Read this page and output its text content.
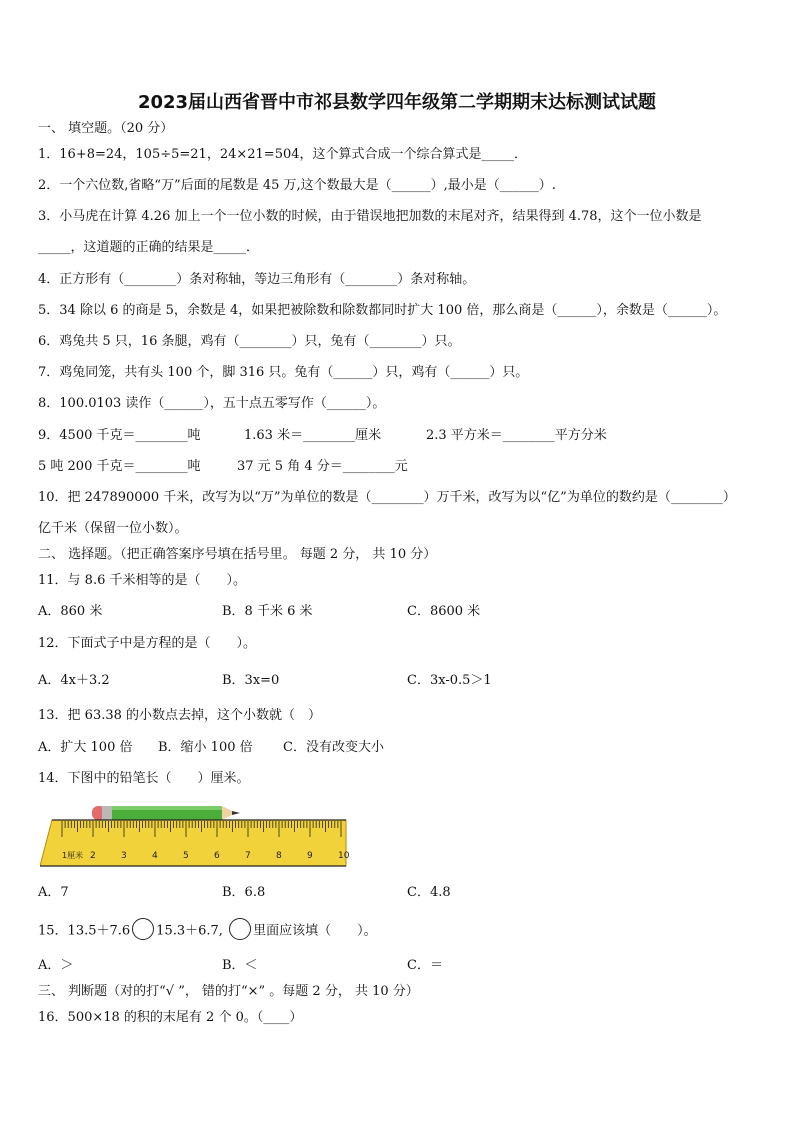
2023届山西省晋中市祁县数学四年级第二学期期末达标测试试题
一、 填空题。（20 分）
1．16+8=24，105÷5=21，24×21=504，这个算式合成一个综合算式是_____．
2．一个六位数,省略“万”后面的尾数是 45 万,这个数最大是（______）,最小是（______）.
3．小马虎在计算 4.26 加上一个一位小数的时候，由于错误地把加数的末尾对齐，结果得到 4.78，这个一位小数是
_____，这道题的正确的结果是_____．
4．正方形有（________）条对称轴，等边三角形有（________）条对称轴。
5．34 除以 6 的商是 5，余数是 4，如果把被除数和除数都同时扩大 100 倍，那么商是（______），余数是（______）。
6．鸡兔共 5 只，16 条腿，鸡有（________）只，兔有（________）只。
7．鸡兔同笼，共有头 100 个，脚 316 只。兔有（______）只，鸡有（______）只。
8．100.0103 读作（______），五十点五零写作（______）。
9．4500 千克＝________吨	1.63 米＝________厘米	2.3 平方米＝________平方分米
5 吨 200 千克＝________吨	37 元 5 角 4 分＝________元
10．把 247890000 千米，改写为以“万”为单位的数是（________）万千米，改写为以“亿”为单位的数约是（________）
亿千米（保留一位小数）。
二、 选择题。（把正确答案序号填在括号里。 每题 2 分， 共 10 分）
11．与 8.6 千米相等的是（　　）。
A．860 米	B．8 千米 6 米	C．8600 米
12．下面式子中是方程的是（　　）。
A．4x＋3.2	B．3x=0	C．3x-0.5＞1
13．把 63.38 的小数点去掉，这个小数就（　）
A．扩大 100 倍 B．缩小 100 倍 C．没有改变大小
14．下图中的铅笔长（　　）厘米。
1厘米 2	3	4	5	6	7	8	9	10
A．7	B．6.8	C．4.8
15．13.5＋7.6 15.3＋6.7, 里面应该填（　　）。
A．＞	B．＜	C．＝
三、 判断题（对的打“√ ”， 错的打“×” 。每题 2 分， 共 10 分）
16．500×18 的积的末尾有 2 个 0。（____）
